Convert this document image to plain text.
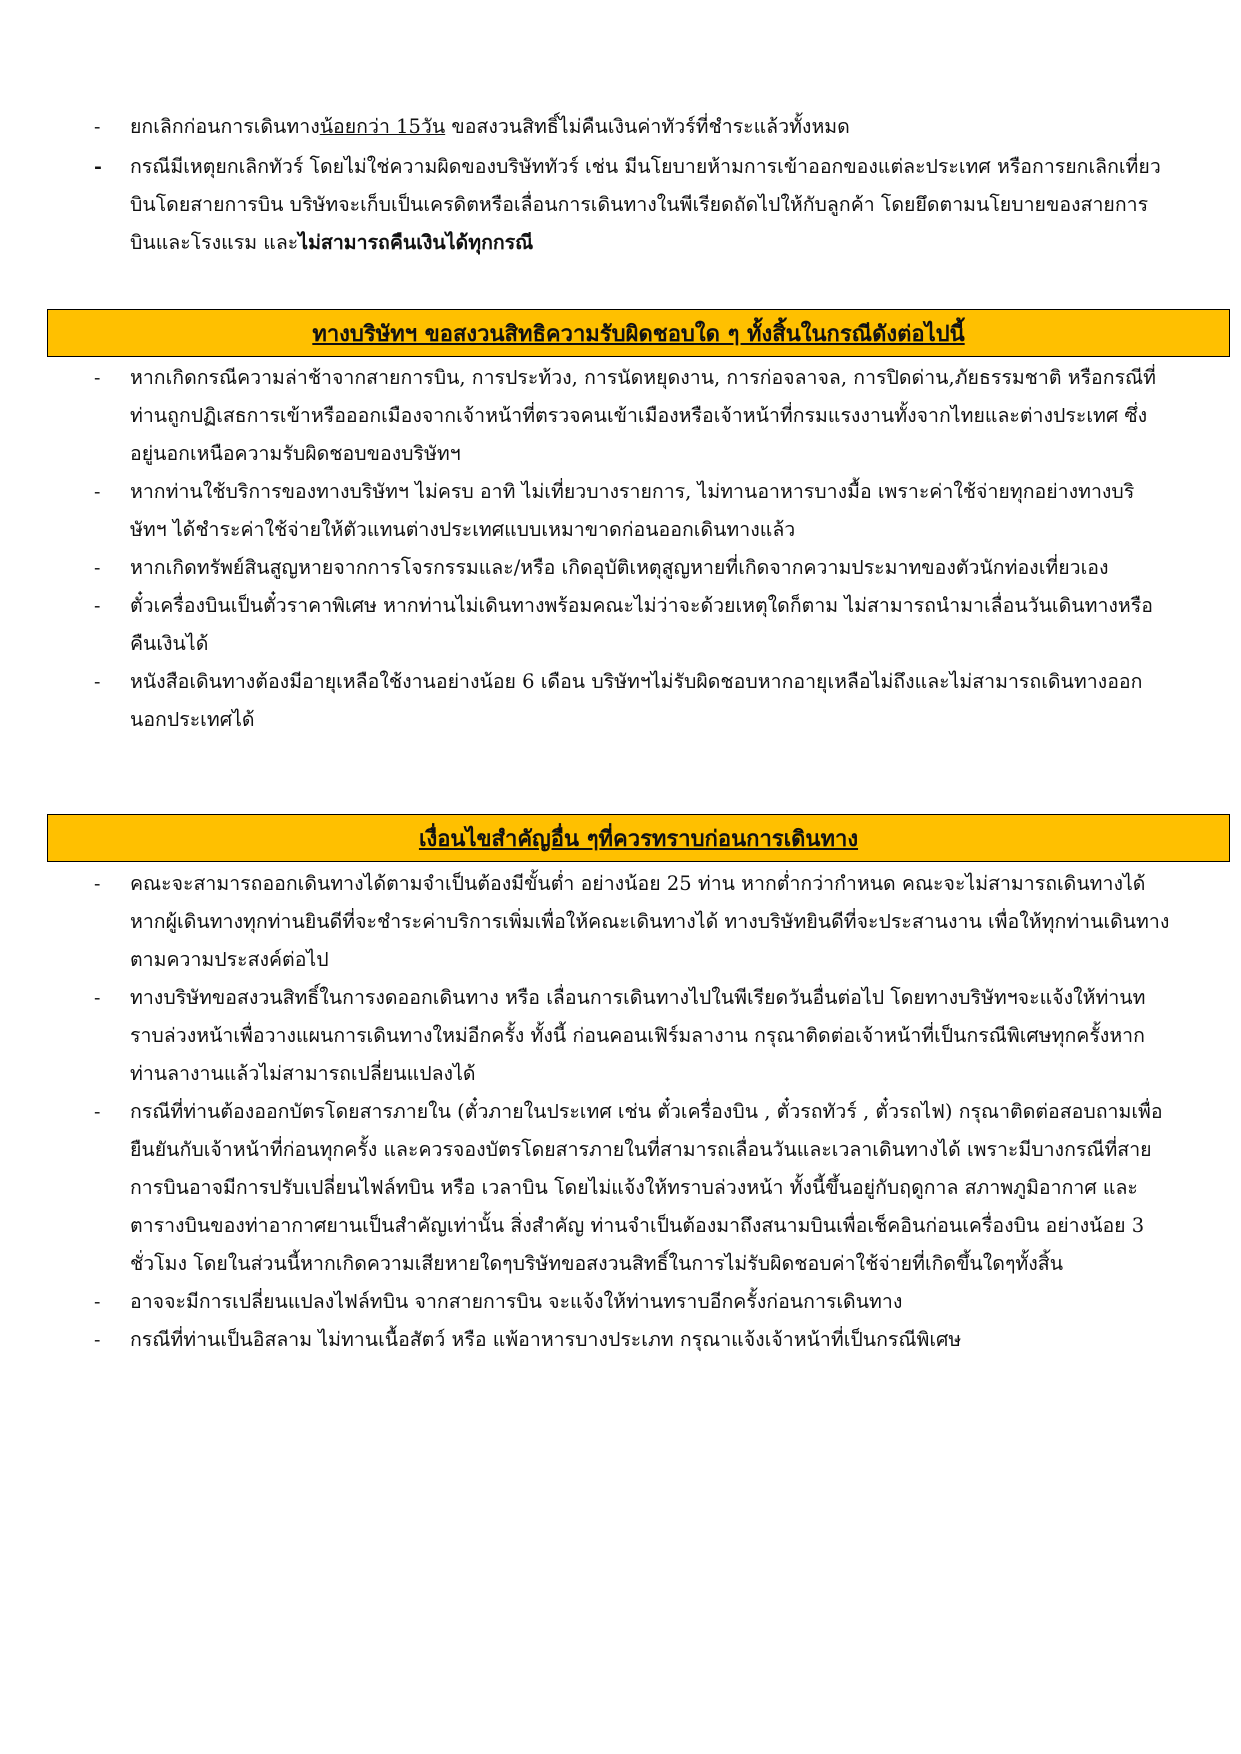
- ยกเลิกก่อนการเดินทางน้อยกว่า 15วัน ขอสงวนสิทธิ์ไม่คืนเงินค่าทัวร์ที่ชำระแล้วทั้งหมด
- กรณีมีเหตุยกเลิกทัวร์ โดยไม่ใช่ความผิดของบริษัททัวร์ เช่น มีนโยบายห้ามการเข้าออกของแต่ละประเทศ หรือการยกเลิกเที่ยวบินโดยสายการบิน บริษัทจะเก็บเป็นเครดิตหรือเลื่อนการเดินทางในพีเรียดถัดไปให้กับลูกค้า โดยยึดตามนโยบายของสายการบินและโรงแรม และไม่สามารถคืนเงินได้ทุกกรณี
ทางบริษัทฯ ขอสงวนสิทธิความรับผิดชอบใด ๆ ทั้งสิ้นในกรณีดังต่อไปนี้
- หากเกิดกรณีความล่าช้าจากสายการบิน, การประท้วง, การนัดหยุดงาน, การก่อจลาจล, การปิดด่าน,ภัยธรรมชาติ หรือกรณีที่ท่านถูกปฏิเสธการเข้าหรือออกเมืองจากเจ้าหน้าที่ตรวจคนเข้าเมืองหรือเจ้าหน้าที่กรมแรงงานทั้งจากไทยและต่างประเทศ ซึ่งอยู่นอกเหนือความรับผิดชอบของบริษัทฯ
- หากท่านใช้บริการของทางบริษัทฯ ไม่ครบ อาทิ ไม่เที่ยวบางรายการ, ไม่ทานอาหารบางมื้อ เพราะค่าใช้จ่ายทุกอย่างทางบริษัทฯ ได้ชำระค่าใช้จ่ายให้ตัวแทนต่างประเทศแบบเหมาขาดก่อนออกเดินทางแล้ว
- หากเกิดทรัพย์สินสูญหายจากการโจรกรรมและ/หรือ เกิดอุบัติเหตุสูญหายที่เกิดจากความประมาทของตัวนักท่องเที่ยวเอง
- ตั๋วเครื่องบินเป็นตั๋วราคาพิเศษ หากท่านไม่เดินทางพร้อมคณะไม่ว่าจะด้วยเหตุใดก็ตาม ไม่สามารถนำมาเลื่อนวันเดินทางหรือคืนเงินได้
- หนังสือเดินทางต้องมีอายุเหลือใช้งานอย่างน้อย 6 เดือน บริษัทฯไม่รับผิดชอบหากอายุเหลือไม่ถึงและไม่สามารถเดินทางออกนอกประเทศได้
เงื่อนไขสำคัญอื่น ๆที่ควรทราบก่อนการเดินทาง
- คณะจะสามารถออกเดินทางได้ตามจำเป็นต้องมีขั้นต่ำ อย่างน้อย 25 ท่าน หากต่ำกว่ากำหนด คณะจะไม่สามารถเดินทางได้ หากผู้เดินทางทุกท่านยินดีที่จะชำระค่าบริการเพิ่มเพื่อให้คณะเดินทางได้ ทางบริษัทยินดีที่จะประสานงาน เพื่อให้ทุกท่านเดินทางตามความประสงค์ต่อไป
- ทางบริษัทขอสงวนสิทธิ์ในการงดออกเดินทาง หรือ เลื่อนการเดินทางไปในพีเรียดวันอื่นต่อไป โดยทางบริษัทฯจะแจ้งให้ท่านทราบล่วงหน้าเพื่อวางแผนการเดินทางใหม่อีกครั้ง ทั้งนี้ ก่อนคอนเฟิร์มลางาน กรุณาติดต่อเจ้าหน้าที่เป็นกรณีพิเศษทุกครั้งหากท่านลางานแล้วไม่สามารถเปลี่ยนแปลงได้
- กรณีที่ท่านต้องออกบัตรโดยสารภายใน (ตั๋วภายในประเทศ เช่น ตั๋วเครื่องบิน , ตั๋วรถทัวร์ , ตั๋วรถไฟ) กรุณาติดต่อสอบถามเพื่อยืนยันกับเจ้าหน้าที่ก่อนทุกครั้ง และควรจองบัตรโดยสารภายในที่สามารถเลื่อนวันและเวลาเดินทางได้ เพราะมีบางกรณีที่สายการบินอาจมีการปรับเปลี่ยนไฟล์ทบิน หรือ เวลาบิน โดยไม่แจ้งให้ทราบล่วงหน้า ทั้งนี้ขึ้นอยู่กับฤดูกาล สภาพภูมิอากาศ และ ตารางบินของท่าอากาศยานเป็นสำคัญเท่านั้น สิ่งสำคัญ ท่านจำเป็นต้องมาถึงสนามบินเพื่อเช็คอินก่อนเครื่องบิน อย่างน้อย 3 ชั่วโมง โดยในส่วนนี้หากเกิดความเสียหายใดๆบริษัทขอสงวนสิทธิ์ในการไม่รับผิดชอบค่าใช้จ่ายที่เกิดขึ้นใดๆทั้งสิ้น
- อาจจะมีการเปลี่ยนแปลงไฟล์ทบิน จากสายการบิน จะแจ้งให้ท่านทราบอีกครั้งก่อนการเดินทาง
- กรณีที่ท่านเป็นอิสลาม ไม่ทานเนื้อสัตว์ หรือ แพ้อาหารบางประเภท กรุณาแจ้งเจ้าหน้าที่เป็นกรณีพิเศษ
